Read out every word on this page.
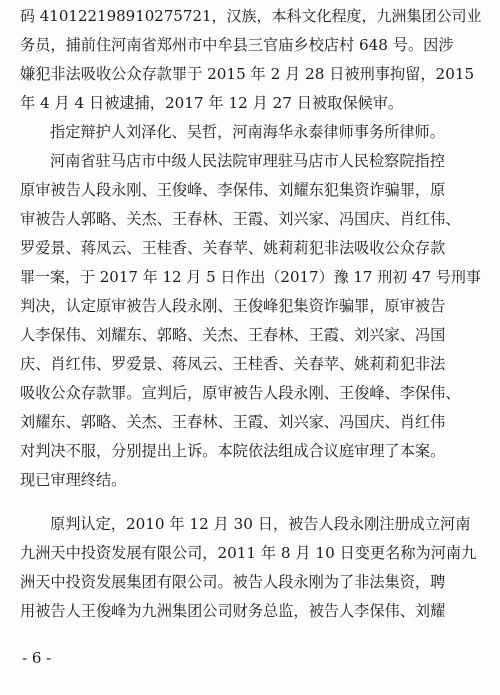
码 410122198910275721，汉族，本科文化程度，九洲集团公司业
务员，捕前住河南省郑州市中牟县三官庙乡校店村 648 号。因涉
嫌犯非法吸收公众存款罪于 2015 年 2 月 28 日被刑事拘留，2015
年 4 月 4 日被逮捕，2017 年 12 月 27 日被取保候审。
指定辩护人刘泽化、吴哲，河南海华永泰律师事务所律师。
河南省驻马店市中级人民法院审理驻马店市人民检察院指控
原审被告人段永刚、王俊峰、李保伟、刘耀东犯集资诈骗罪，原
审被告人郭略、关杰、王春林、王霞、刘兴家、冯国庆、肖红伟、
罗爱景、蒋凤云、王桂香、关春苹、姚莉莉犯非法吸收公众存款
罪一案，于 2017 年 12 月 5 日作出（2017）豫 17 刑初 47 号刑事
判决，认定原审被告人段永刚、王俊峰犯集资诈骗罪，原审被告
人李保伟、刘耀东、郭略、关杰、王春林、王霞、刘兴家、冯国
庆、肖红伟、罗爱景、蒋凤云、王桂香、关春苹、姚莉莉犯非法
吸收公众存款罪。宣判后，原审被告人段永刚、王俊峰、李保伟、
刘耀东、郭略、关杰、王春林、王霞、刘兴家、冯国庆、肖红伟
对判决不服，分别提出上诉。本院依法组成合议庭审理了本案。
现已审理终结。
原判认定，2010 年 12 月 30 日，被告人段永刚注册成立河南
九洲天中投资发展有限公司，2011 年 8 月 10 日变更名称为河南九
洲天中投资发展集团有限公司。被告人段永刚为了非法集资，聘
用被告人王俊峰为九洲集团公司财务总监，被告人李保伟、刘耀
- 6 -
